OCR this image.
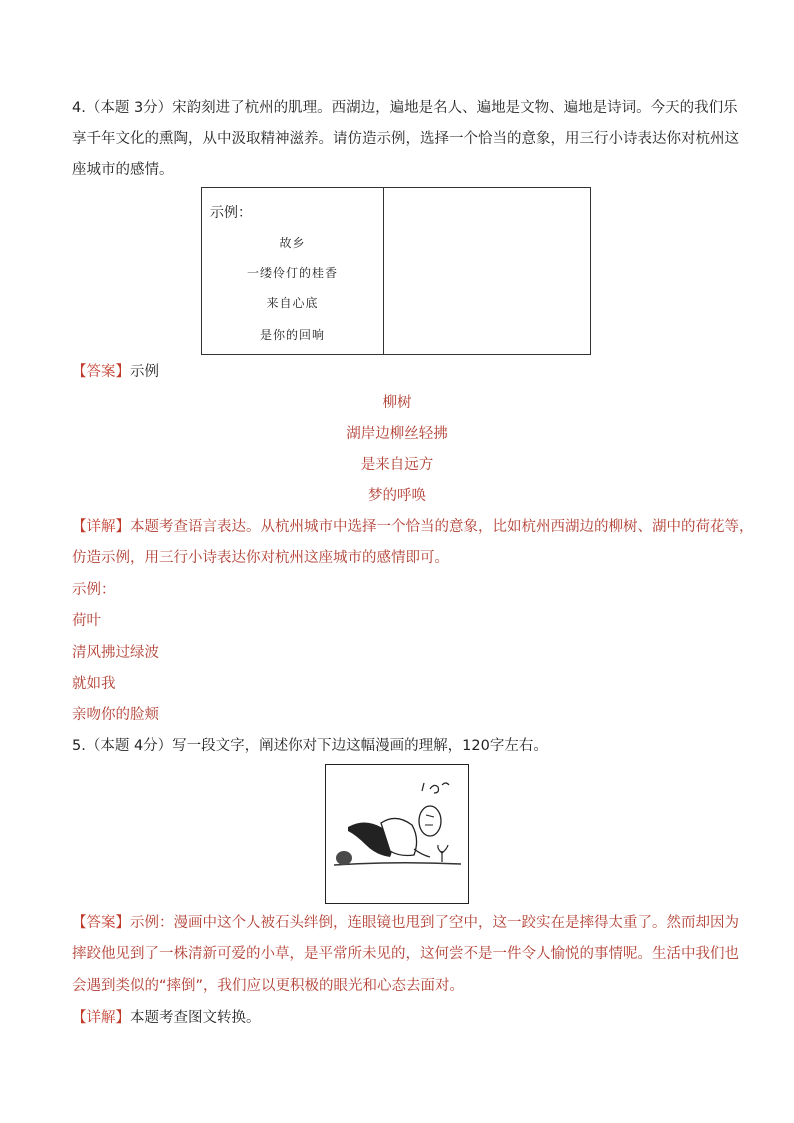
4.（本题 3分）宋韵刻进了杭州的肌理。西湖边，遍地是名人、遍地是文物、遍地是诗词。今天的我们乐
享千年文化的熏陶，从中汲取精神滋养。请仿造示例，选择一个恰当的意象，用三行小诗表达你对杭州这
座城市的感情。
示例：
故乡
一缕伶仃的桂香
来自心底
是你的回响

【答案】示例
柳树
湖岸边柳丝轻拂
是来自远方
梦的呼唤
【详解】本题考查语言表达。从杭州城市中选择一个恰当的意象，比如杭州西湖边的柳树、湖中的荷花等，
仿造示例，用三行小诗表达你对杭州这座城市的感情即可。
示例：
荷叶
清风拂过绿波
就如我
亲吻你的脸颊
5.（本题 4分）写一段文字，阐述你对下边这幅漫画的理解，120字左右。
【答案】示例：漫画中这个人被石头绊倒，连眼镜也甩到了空中，这一跤实在是摔得太重了。然而却因为
摔跤他见到了一株清新可爱的小草，是平常所未见的，这何尝不是一件令人愉悦的事情呢。生活中我们也
会遇到类似的“摔倒”，我们应以更积极的眼光和心态去面对。
【详解】本题考查图文转换。
